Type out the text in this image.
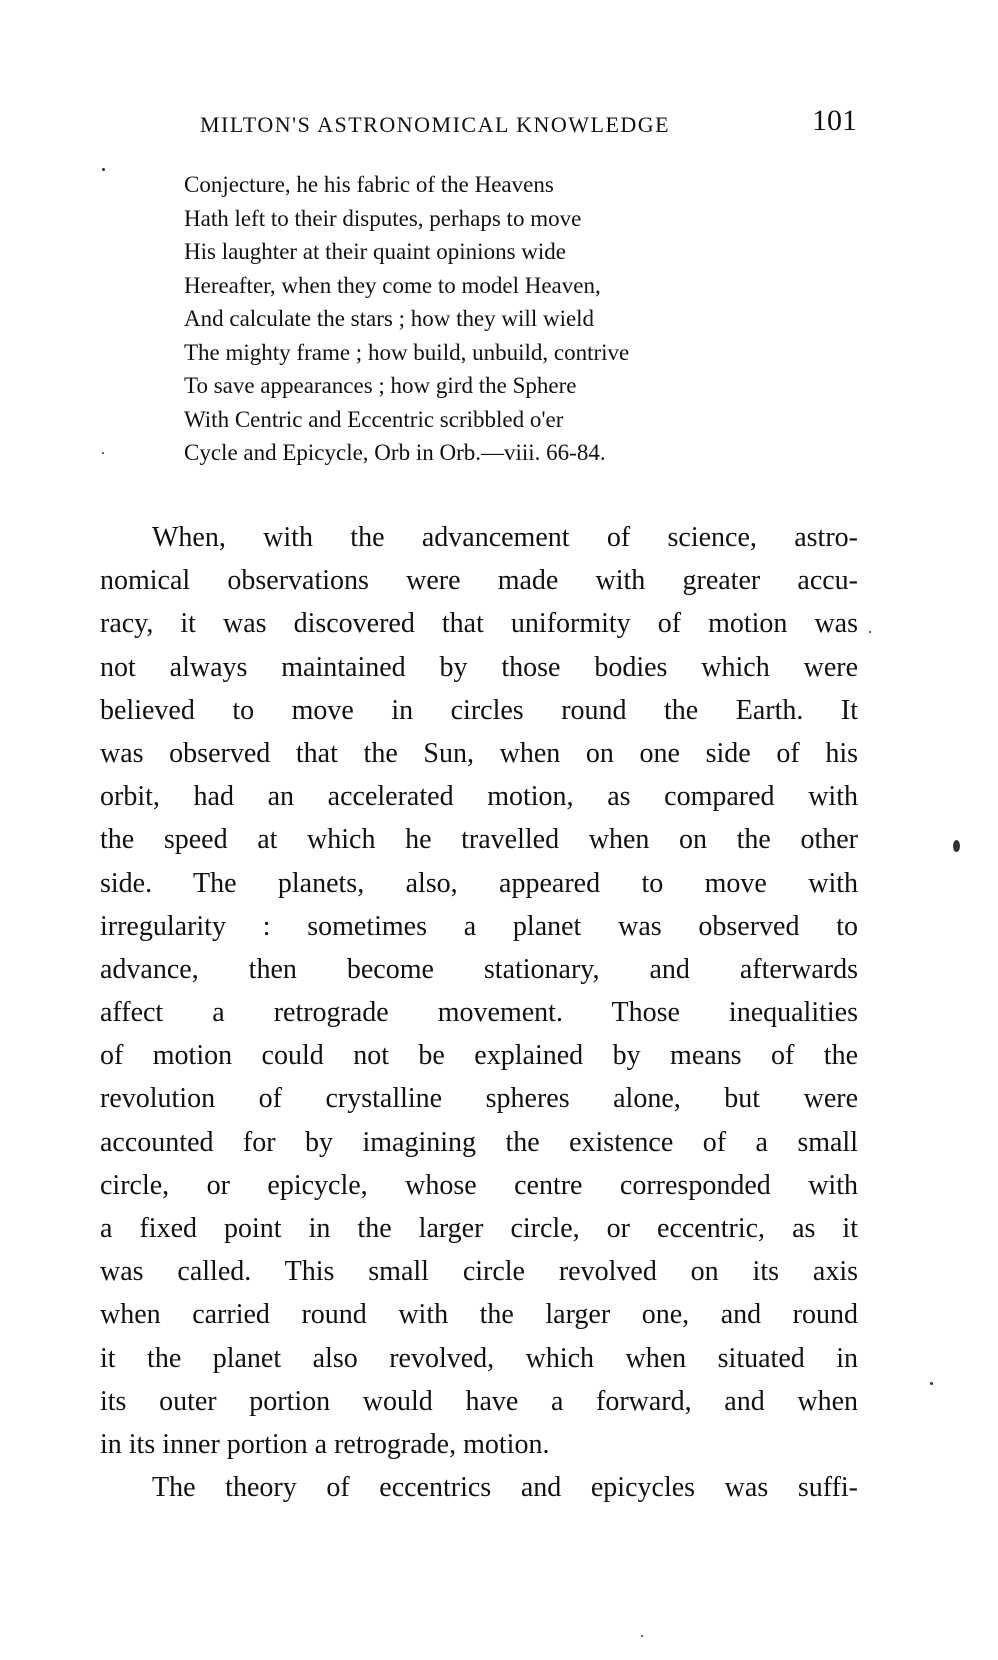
MILTON'S ASTRONOMICAL KNOWLEDGE	101
Conjecture, he his fabric of the Heavens
Hath left to their disputes, perhaps to move
His laughter at their quaint opinions wide
Hereafter, when they come to model Heaven,
And calculate the stars ; how they will wield
The mighty frame ; how build, unbuild, contrive
To save appearances ; how gird the Sphere
With Centric and Eccentric scribbled o'er
Cycle and Epicycle, Orb in Orb.—viii. 66-84.
When, with the advancement of science, astro-
nomical observations were made with greater accu-
racy, it was discovered that uniformity of motion was
not always maintained by those bodies which were
believed to move in circles round the Earth. It
was observed that the Sun, when on one side of his
orbit, had an accelerated motion, as compared with
the speed at which he travelled when on the other
side. The planets, also, appeared to move with
irregularity : sometimes a planet was observed to
advance, then become stationary, and afterwards
affect a retrograde movement. Those inequalities
of motion could not be explained by means of the
revolution of crystalline spheres alone, but were
accounted for by imagining the existence of a small
circle, or epicycle, whose centre corresponded with
a fixed point in the larger circle, or eccentric, as it
was called. This small circle revolved on its axis
when carried round with the larger one, and round
it the planet also revolved, which when situated in
its outer portion would have a forward, and when
in its inner portion a retrograde, motion.
The theory of eccentrics and epicycles was suffi-
